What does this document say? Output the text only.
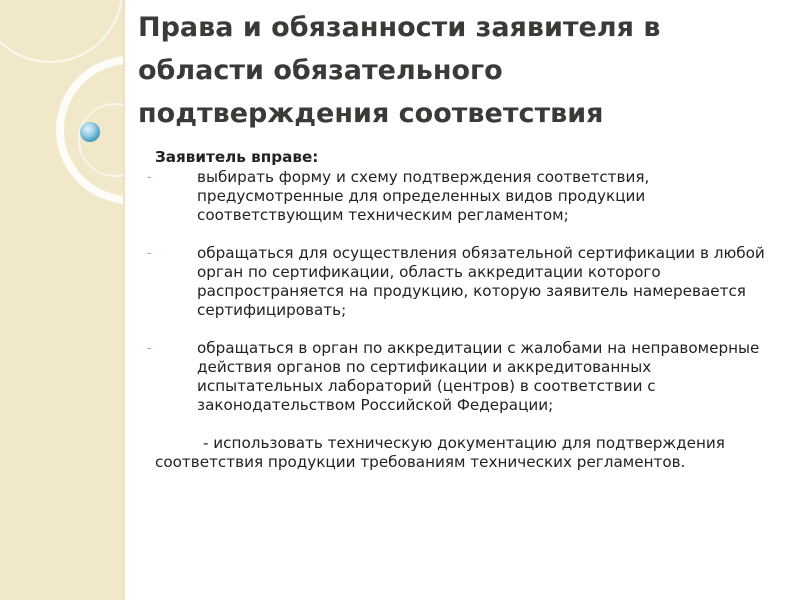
Права и обязанности заявителя в области обязательного подтверждения соответствия

Заявитель вправе:

-	выбирать форму и схему подтверждения соответствия, предусмотренные для определенных видов продукции соответствующим техническим регламентом;
-	обращаться для осуществления обязательной сертификации в любой орган по сертификации, область аккредитации которого распространяется на продукцию, которую заявитель намеревается сертифицировать;
-	обращаться в орган по аккредитации с жалобами на неправомерные действия органов по сертификации и аккредитованных испытательных лабораторий (центров) в соответствии с законодательством Российской Федерации;

- использовать техническую документацию для подтверждения соответствия продукции требованиям технических регламентов.
